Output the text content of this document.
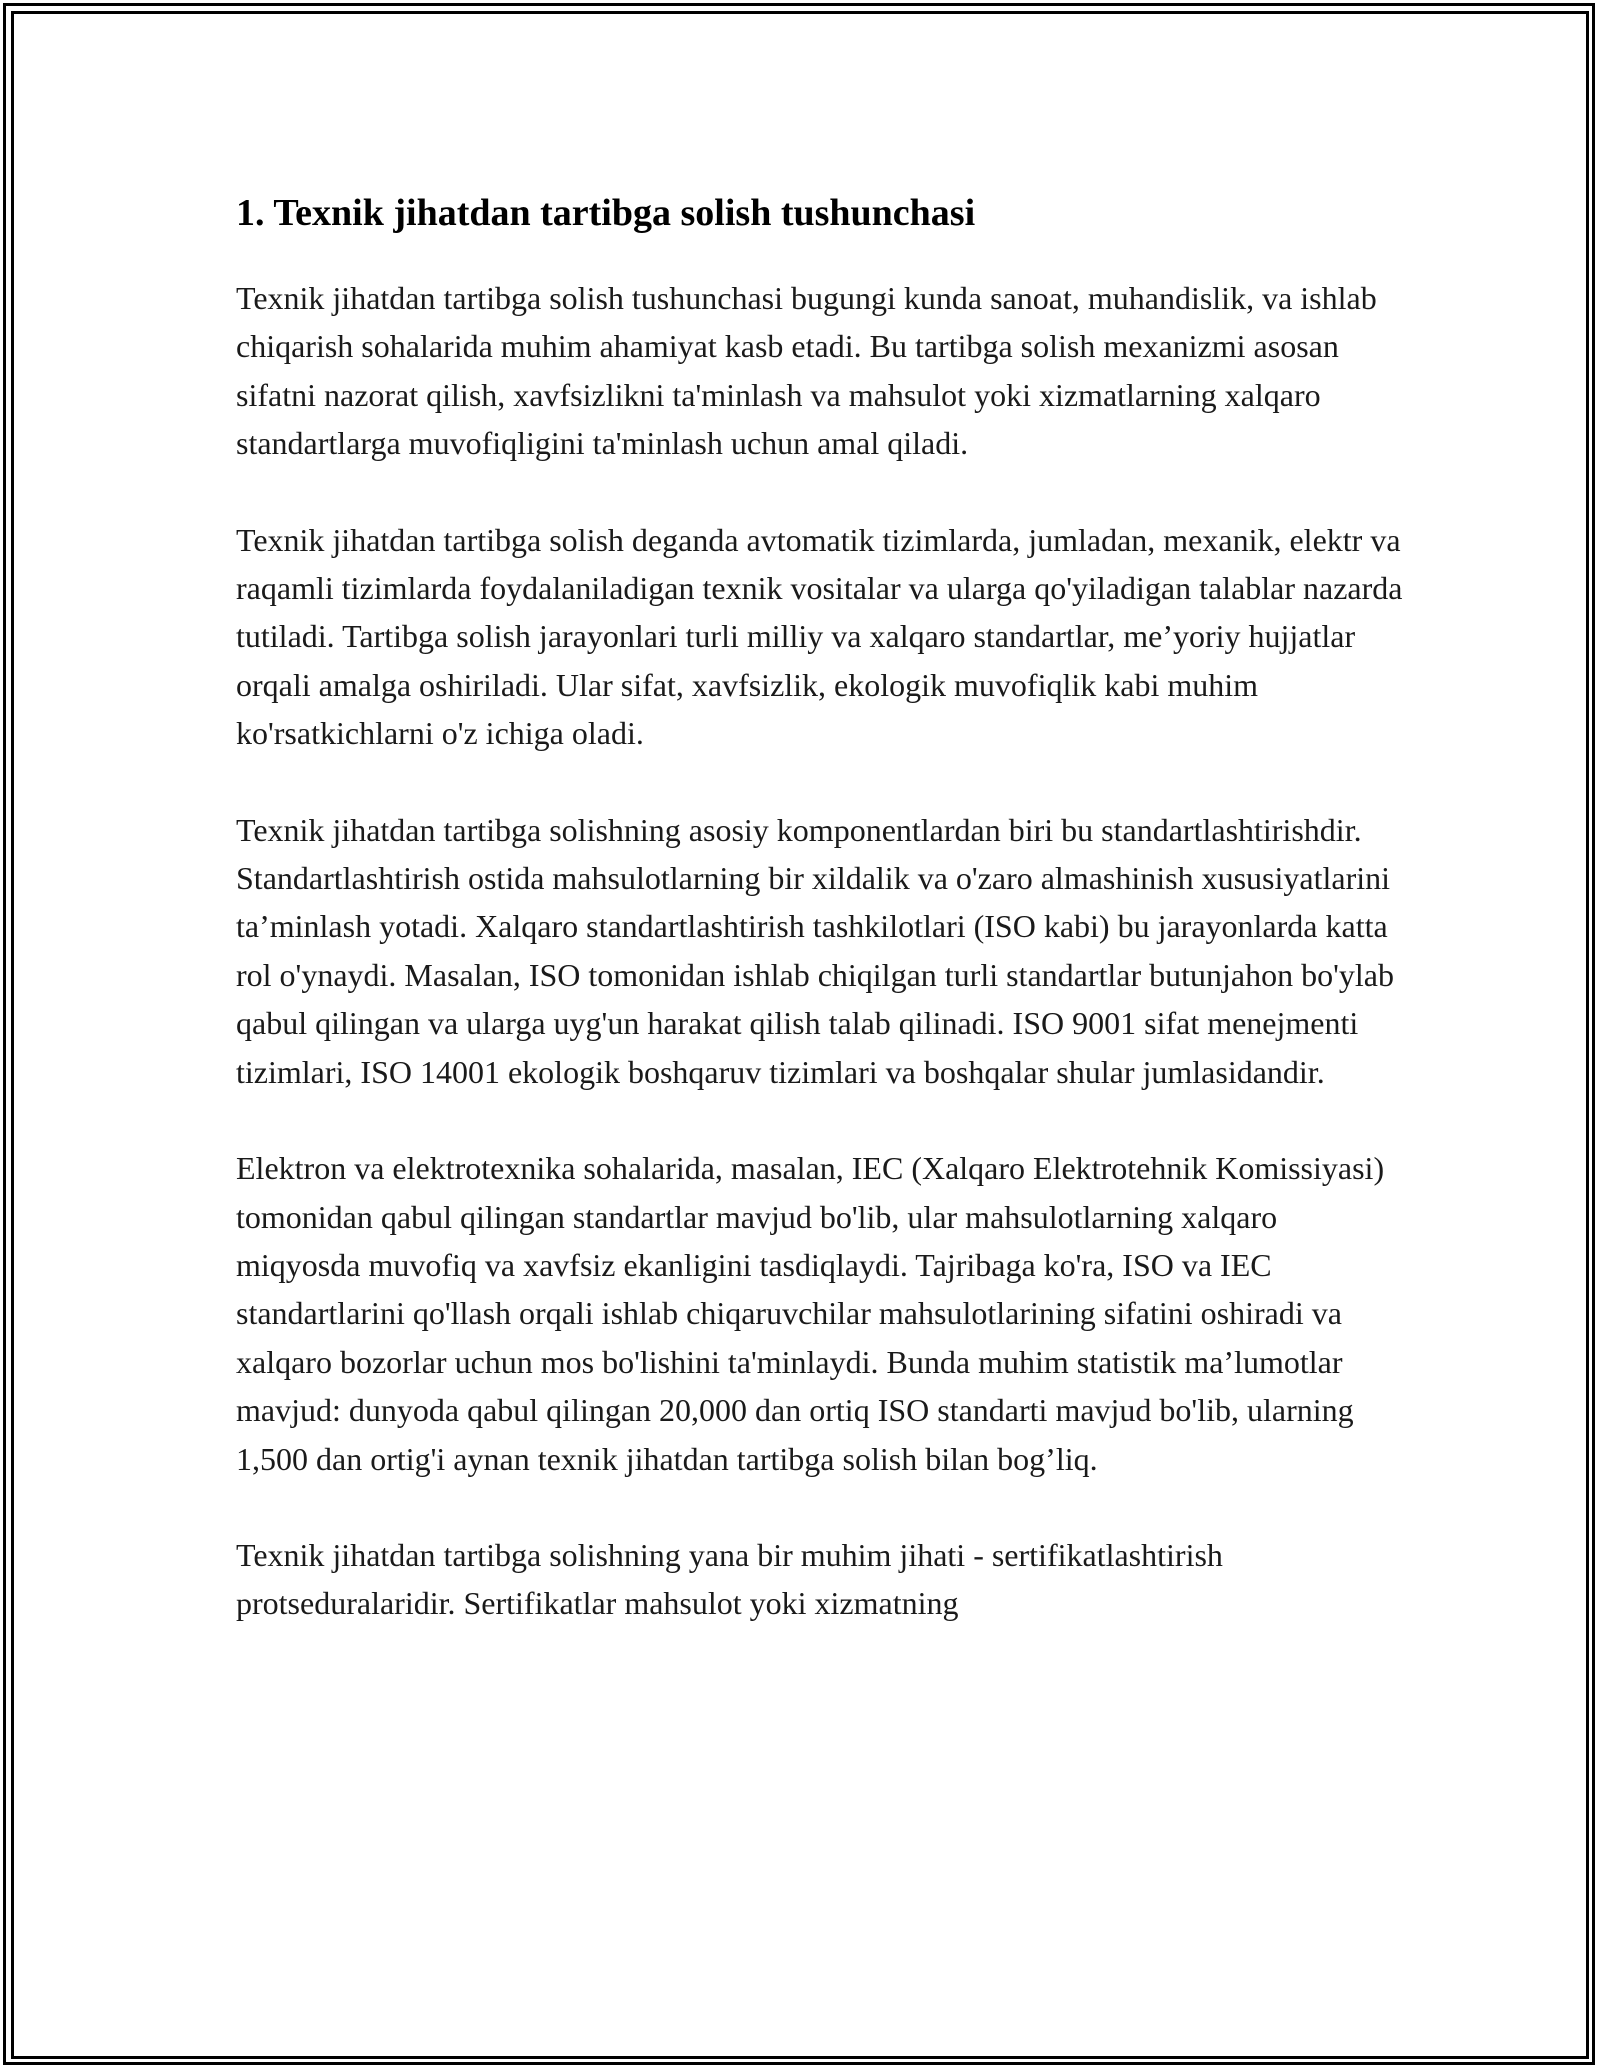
1. Texnik jihatdan tartibga solish tushunchasi

Texnik jihatdan tartibga solish tushunchasi bugungi kunda sanoat, muhandislik, va ishlab chiqarish sohalarida muhim ahamiyat kasb etadi. Bu tartibga solish mexanizmi asosan sifatni nazorat qilish, xavfsizlikni ta'minlash va mahsulot yoki xizmatlarning xalqaro standartlarga muvofiqligini ta'minlash uchun amal qiladi.

Texnik jihatdan tartibga solish deganda avtomatik tizimlarda, jumladan, mexanik, elektr va raqamli tizimlarda foydalaniladigan texnik vositalar va ularga qo'yiladigan talablar nazarda tutiladi. Tartibga solish jarayonlari turli milliy va xalqaro standartlar, me’yoriy hujjatlar orqali amalga oshiriladi. Ular sifat, xavfsizlik, ekologik muvofiqlik kabi muhim ko'rsatkichlarni o'z ichiga oladi.

Texnik jihatdan tartibga solishning asosiy komponentlardan biri bu standartlashtirishdir. Standartlashtirish ostida mahsulotlarning bir xildalik va o'zaro almashinish xususiyatlarini ta’minlash yotadi. Xalqaro standartlashtirish tashkilotlari (ISO kabi) bu jarayonlarda katta rol o'ynaydi. Masalan, ISO tomonidan ishlab chiqilgan turli standartlar butunjahon bo'ylab qabul qilingan va ularga uyg'un harakat qilish talab qilinadi. ISO 9001 sifat menejmenti tizimlari, ISO 14001 ekologik boshqaruv tizimlari va boshqalar shular jumlasidandir.

Elektron va elektrotexnika sohalarida, masalan, IEC (Xalqaro Elektrotehnik Komissiyasi) tomonidan qabul qilingan standartlar mavjud bo'lib, ular mahsulotlarning xalqaro miqyosda muvofiq va xavfsiz ekanligini tasdiqlaydi. Tajribaga ko'ra, ISO va IEC standartlarini qo'llash orqali ishlab chiqaruvchilar mahsulotlarining sifatini oshiradi va xalqaro bozorlar uchun mos bo'lishini ta'minlaydi. Bunda muhim statistik ma’lumotlar mavjud: dunyoda qabul qilingan 20,000 dan ortiq ISO standarti mavjud bo'lib, ularning 1,500 dan ortig'i aynan texnik jihatdan tartibga solish bilan bog’liq.

Texnik jihatdan tartibga solishning yana bir muhim jihati - sertifikatlashtirish protseduralaridir. Sertifikatlar mahsulot yoki xizmatning
